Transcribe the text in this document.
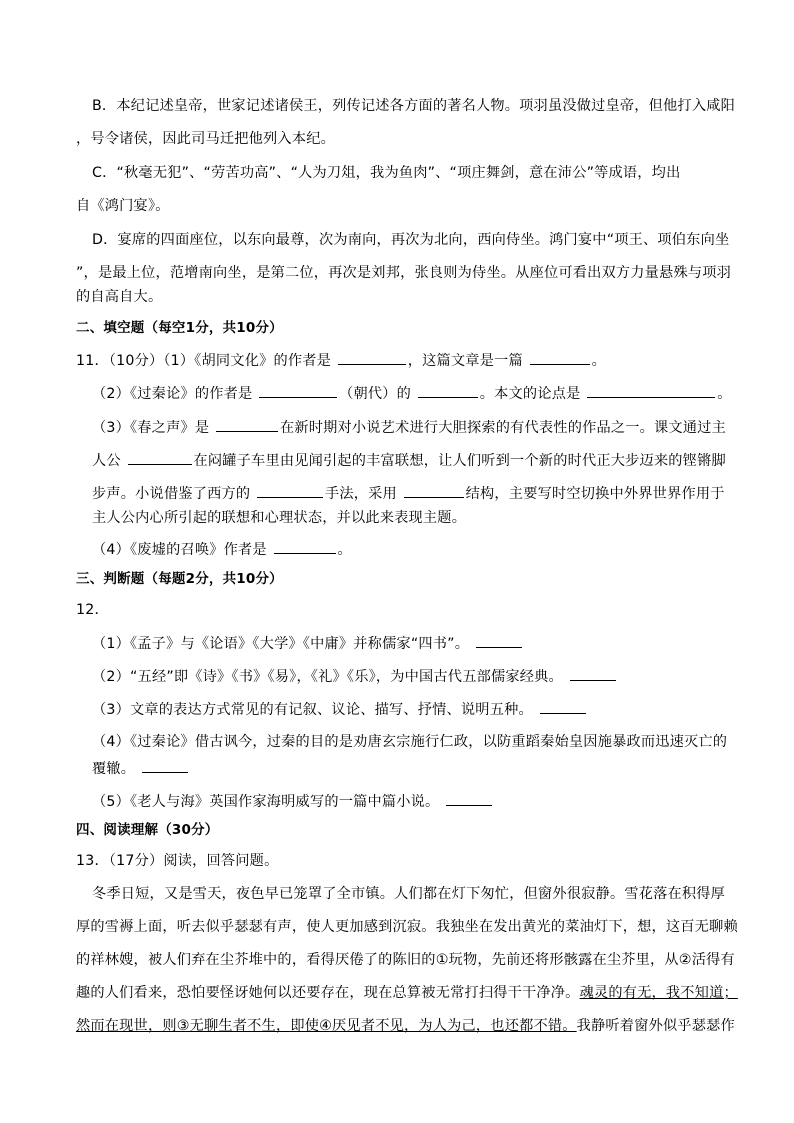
B．本纪记述皇帝，世家记述诸侯王，列传记述各方面的著名人物。项羽虽没做过皇帝，但他打入咸阳
，号令诸侯，因此司马迁把他列入本纪。
C．“秋毫无犯”、“劳苦功高”、“人为刀俎，我为鱼肉”、“项庄舞剑，意在沛公”等成语，均出
自《鸿门宴》。
D．宴席的四面座位，以东向最尊，次为南向，再次为北向，西向侍坐。鸿门宴中“项王、项伯东向坐
”，是最上位，范增南向坐，是第二位，再次是刘邦，张良则为侍坐。从座位可看出双方力量悬殊与项羽
的自高自大。
二、填空题（每空1分，共10分）
11．（10分）（1）《胡同文化》的作者是	，这篇文章是一篇	。
（2）《过秦论》的作者是	（朝代）的	。本文的论点是	。
（3）《春之声》是	在新时期对小说艺术进行大胆探索的有代表性的作品之一。课文通过主
人公	在闷罐子车里由见闻引起的丰富联想，让人们听到一个新的时代正大步迈来的铿锵脚
步声。小说借鉴了西方的	手法，采用	结构，主要写时空切换中外界世界作用于
主人公内心所引起的联想和心理状态，并以此来表现主题。
（4）《废墟的召唤》作者是	。
三、判断题（每题2分，共10分）
12．
（1）《孟子》与《论语》《大学》《中庸》并称儒家“四书”。
（2）“五经”即《诗》《书》《易》，《礼》《乐》，为中国古代五部儒家经典。
（3）文章的表达方式常见的有记叙、议论、描写、抒情、说明五种。
（4）《过秦论》借古讽今，过秦的目的是劝唐玄宗施行仁政，以防重蹈秦始皇因施暴政而迅速灭亡的
覆辙。
（5）《老人与海》英国作家海明威写的一篇中篇小说。
四、阅读理解（30分）
13．（17分）阅读，回答问题。
冬季日短，又是雪天，夜色早已笼罩了全市镇。人们都在灯下匆忙，但窗外很寂静。雪花落在积得厚
厚的雪褥上面，听去似乎瑟瑟有声，使人更加感到沉寂。我独坐在发出黄光的菜油灯下，想，这百无聊赖
的祥林嫂，被人们弃在尘芥堆中的，看得厌倦了的陈旧的①玩物，先前还将形骸露在尘芥里，从②活得有
趣的人们看来，恐怕要怪讶她何以还要存在，现在总算被无常打扫得干干净净。魂灵的有无，我不知道；
然而在现世，则③无聊生者不生，即使④厌见者不见，为人为己，也还都不错。我静听着窗外似乎瑟瑟作
